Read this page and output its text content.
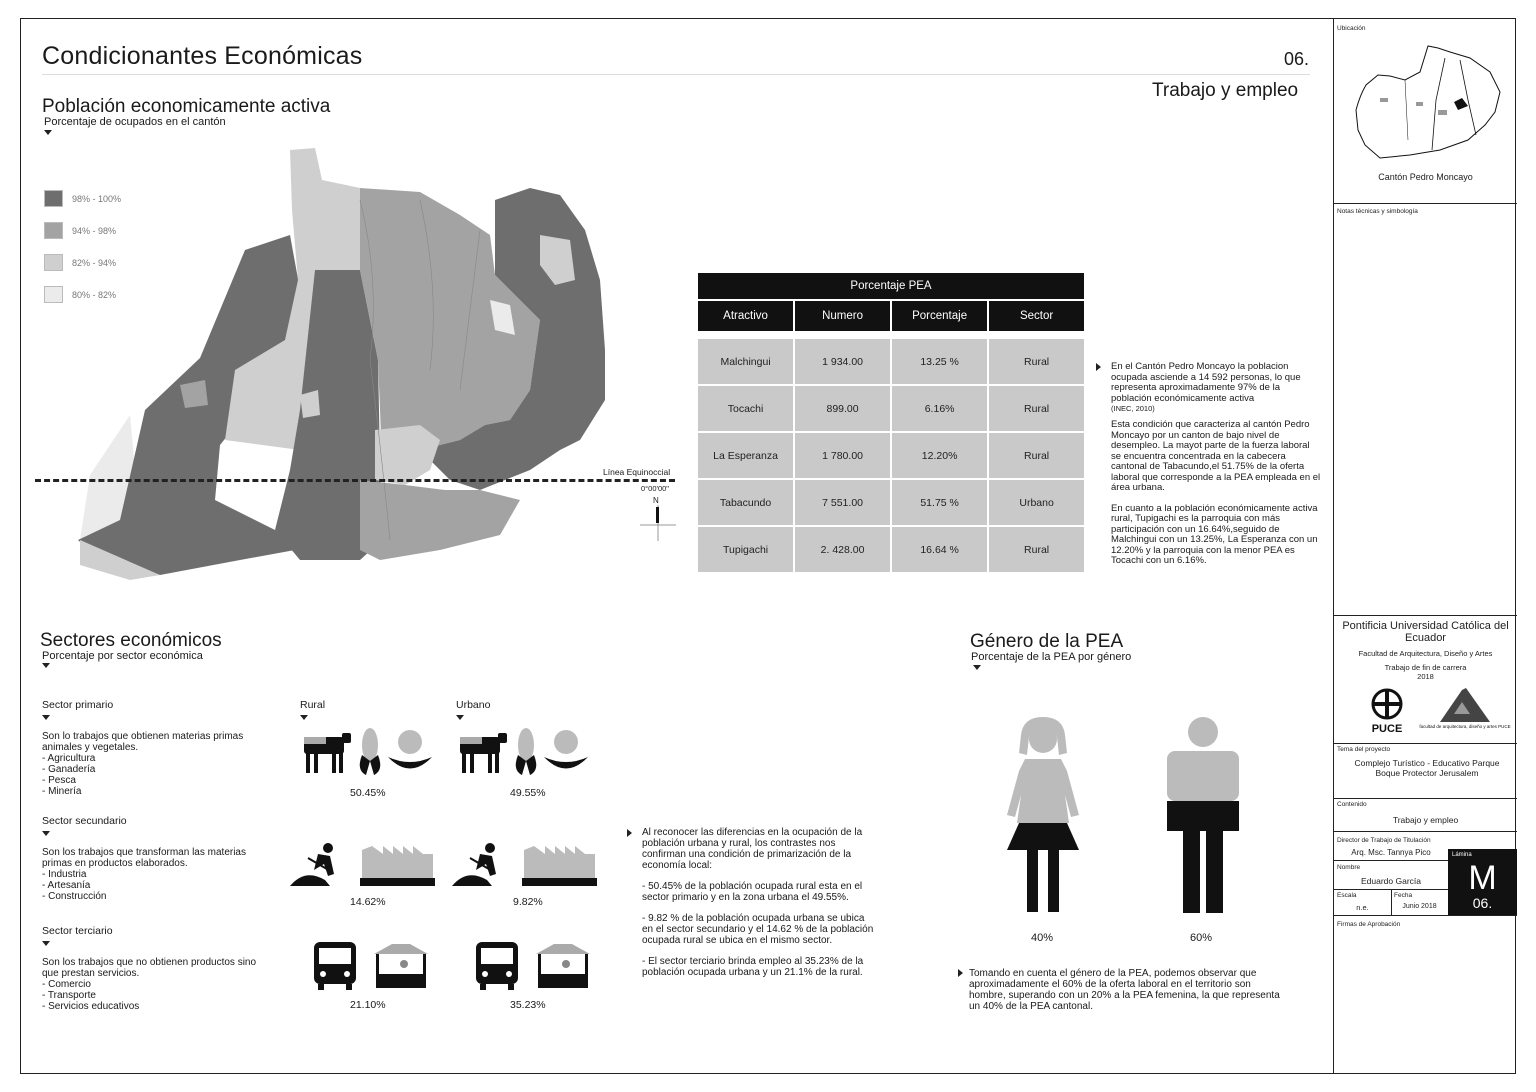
Condicionantes Económicas	06.
Trabajo y empleo
Población economicamente activa
Porcentaje de ocupados en el cantón
98% - 100%
94% - 98%
82% - 94%
80% - 82%
Línea Equinoccial
0°00'00"
N
Porcentaje PEA			
Atractivo	Numero	Porcentaje	Sector

Malchingui	1 934.00	13.25 %	Rural
Tocachi	899.00	6.16%	Rural
La Esperanza	1 780.00	12.20%	Rural
Tabacundo	7 551.00	51.75 %	Urbano
Tupigachi	2. 428.00	16.64 %	Rural
En el Cantón Pedro Moncayo la poblacion ocupada asciende a 14 592 personas, lo que representa aproximadamente 97% de la población económicamente activa
(INEC, 2010)
Esta condición que caracteriza al cantón Pedro Moncayo por un canton de bajo nivel de desempleo. La mayot parte de la fuerza laboral se encuentra concentrada en la cabecera cantonal de Tabacundo,el 51.75% de la oferta laboral que corresponde a la PEA empleada en el área urbana.
En cuanto a la población económicamente activa rural, Tupigachi es la parroquia con más participación con un 16.64%,seguido de Malchingui con un 13.25%, La Esperanza con un 12.20% y la parroquia con la menor PEA es Tocachi con un 6.16%.
Sectores económicos
Porcentaje por sector económica
Rural	Urbano
Sector primario
Son lo trabajos que obtienen materias primas animales y vegetales.
- Agricultura
- Ganadería
- Pesca
- Minería	50.45%	49.55%
Sector secundario
Son los trabajos que transforman las materias primas en productos elaborados.
- Industria
- Artesanía
- Construcción	14.62%	9.82%
Sector terciario
Son los trabajos que no obtienen productos sino que prestan servicios.
- Comercio
- Transporte
- Servicios educativos	21.10%	35.23%
Al reconocer las diferencias en la ocupación de la población urbana y rural, los contrastes nos confirman una condición de primarización de la economía local:
- 50.45% de la población ocupada rural esta en el sector primario y en la zona urbana el 49.55%.
- 9.82 % de la población ocupada urbana se ubica en el sector secundario y el 14.62 % de la población ocupada rural se ubica en el mismo sector.
- El sector terciario brinda empleo al 35.23% de la población ocupada urbana y un 21.1% de la rural.
Género de la PEA
Porcentaje de la PEA por género
40%	60%
Tomando en cuenta el género de la PEA, podemos observar que aproximadamente el 60% de la oferta laboral en el territorio son hombre, superando con un 20% a la PEA femenina, la que representa un 40% de la PEA cantonal.
Ubicación
Cantón Pedro Moncayo
Notas técnicas y simbología
Pontificia Universidad Católica del Ecuador
Facultad de Arquitectura, Diseño y Artes
Trabajo de fin de carrera
2018
PUCE	facultad de arquitectura, diseño y artes PUCE
Tema del proyecto
Complejo Turístico - Educativo Parque Boque Protector Jerusalem
Contenido
Trabajo y empleo
Director de Trabajo de Titulación
Arq. Msc. Tannya Pico	Lámina
M
06.
Nombre
Eduardo García
Escala
n.e.
Fecha
Junio 2018
Firmas de Aprobación
